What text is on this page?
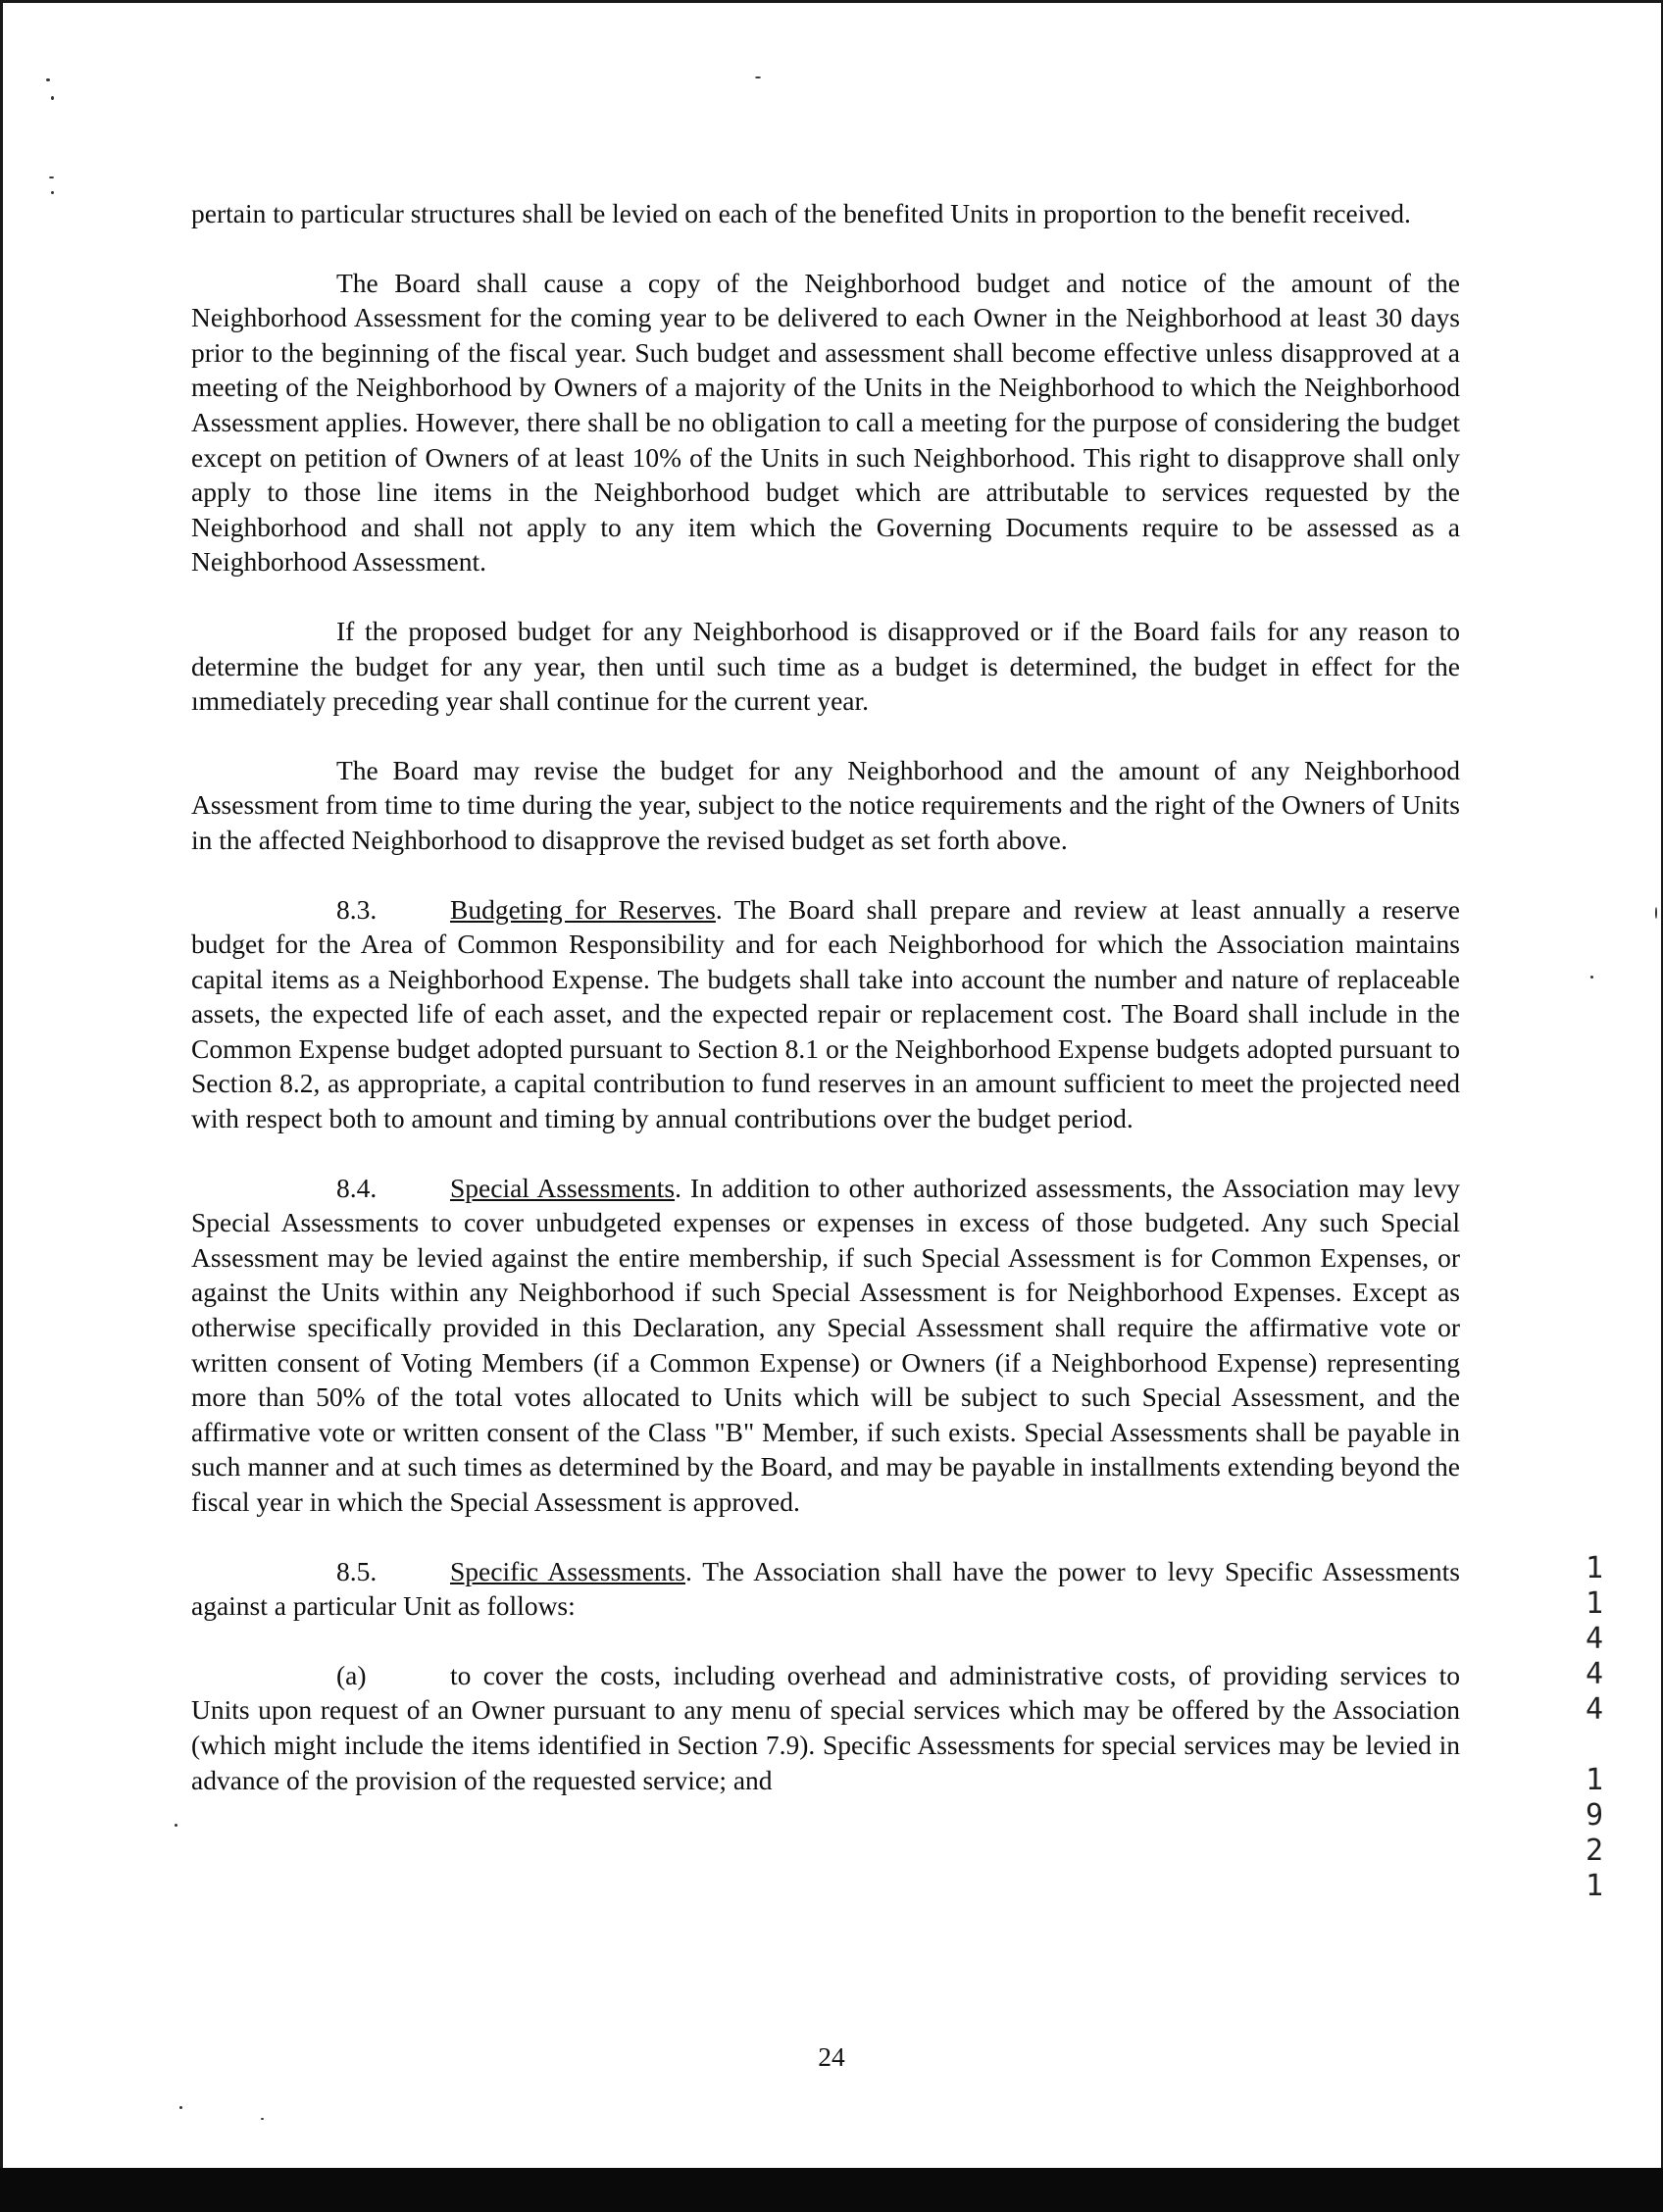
pertain to particular structures shall be levied on each of the benefited Units in proportion to the benefit received.

The Board shall cause a copy of the Neighborhood budget and notice of the amount of the Neighborhood Assessment for the coming year to be delivered to each Owner in the Neighborhood at least 30 days prior to the beginning of the fiscal year. Such budget and assessment shall become effective unless disapproved at a meeting of the Neighborhood by Owners of a majority of the Units in the Neighborhood to which the Neighborhood Assessment applies. However, there shall be no obligation to call a meeting for the purpose of considering the budget except on petition of Owners of at least 10% of the Units in such Neighborhood. This right to disapprove shall only apply to those line items in the Neighborhood budget which are attributable to services requested by the Neighborhood and shall not apply to any item which the Governing Documents require to be assessed as a Neighborhood Assessment.

If the proposed budget for any Neighborhood is disapproved or if the Board fails for any reason to determine the budget for any year, then until such time as a budget is determined, the budget in effect for the ımmediately preceding year shall continue for the current year.

The Board may revise the budget for any Neighborhood and the amount of any Neighborhood Assessment from time to time during the year, subject to the notice requirements and the right of the Owners of Units in the affected Neighborhood to disapprove the revised budget as set forth above.

8.3.	Budgeting for Reserves. The Board shall prepare and review at least annually a reserve budget for the Area of Common Responsibility and for each Neighborhood for which the Association maintains capital items as a Neighborhood Expense. The budgets shall take into account the number and nature of replaceable assets, the expected life of each asset, and the expected repair or replacement cost. The Board shall include in the Common Expense budget adopted pursuant to Section 8.1 or the Neighborhood Expense budgets adopted pursuant to Section 8.2, as appropriate, a capital contribution to fund reserves in an amount sufficient to meet the projected need with respect both to amount and timing by annual contributions over the budget period.

8.4.	Special Assessments. In addition to other authorized assessments, the Association may levy Special Assessments to cover unbudgeted expenses or expenses in excess of those budgeted. Any such Special Assessment may be levied against the entire membership, if such Special Assessment is for Common Expenses, or against the Units within any Neighborhood if such Special Assessment is for Neighborhood Expenses. Except as otherwise specifically provided in this Declaration, any Special Assessment shall require the affirmative vote or written consent of Voting Members (if a Common Expense) or Owners (if a Neighborhood Expense) representing more than 50% of the total votes allocated to Units which will be subject to such Special Assessment, and the affirmative vote or written consent of the Class "B" Member, if such exists. Special Assessments shall be payable in such manner and at such times as determined by the Board, and may be payable in installments extending beyond the fiscal year in which the Special Assessment is approved.

8.5.	Specific Assessments. The Association shall have the power to levy Specific Assessments against a particular Unit as follows:

(a)	to cover the costs, including overhead and administrative costs, of providing services to Units upon request of an Owner pursuant to any menu of special services which may be offered by the Association (which might include the items identified in Section 7.9). Specific Assessments for special services may be levied in advance of the provision of the requested service; and

1
1
4
4
4
1
9
2
1
24
